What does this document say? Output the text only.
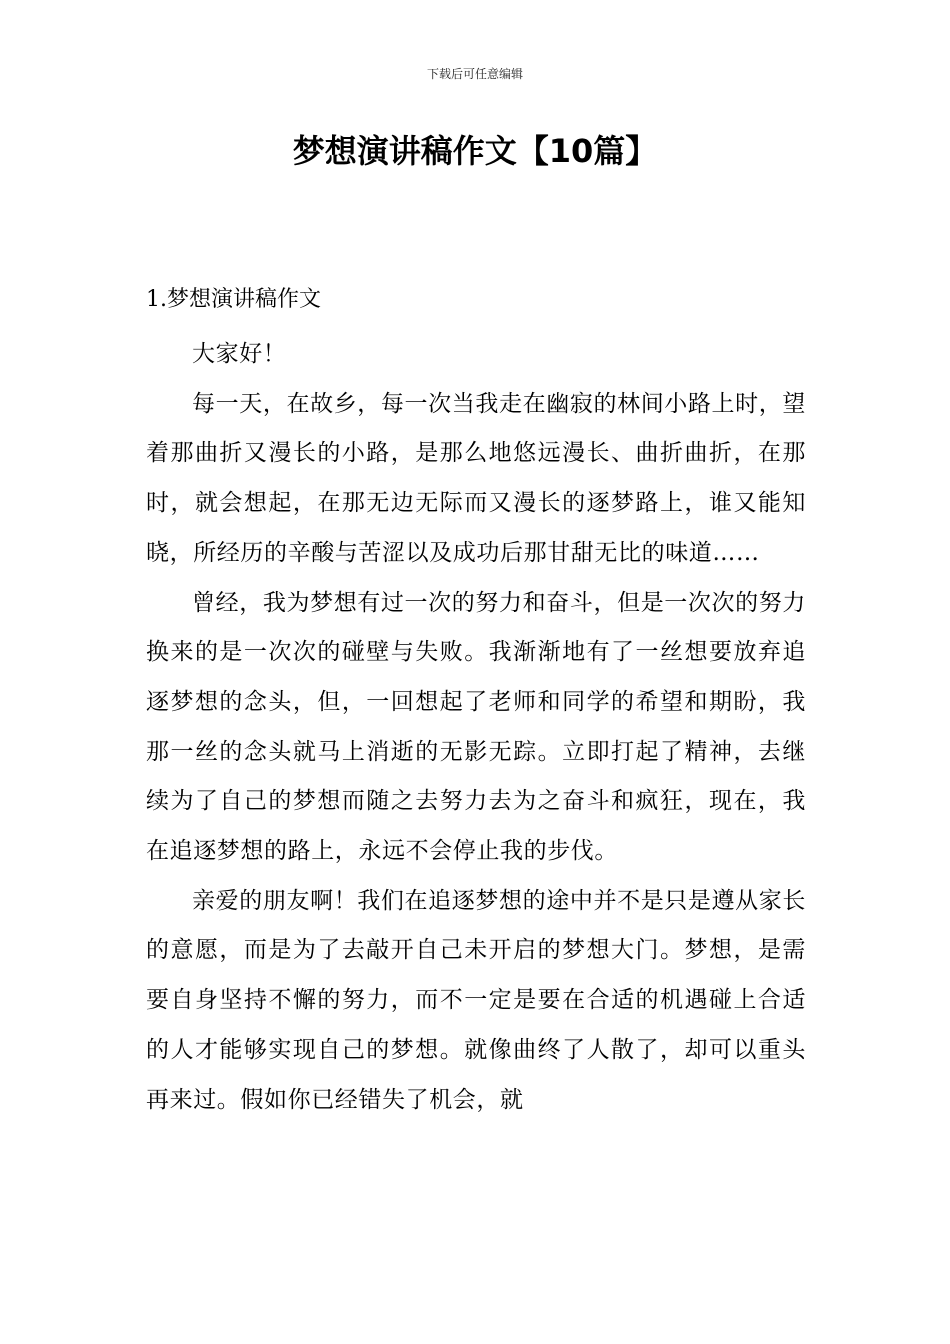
下载后可任意编辑
梦想演讲稿作文【10篇】
1.梦想演讲稿作文

大家好！

每一天，在故乡，每一次当我走在幽寂的林间小路上时，望着那曲折又漫长的小路，是那么地悠远漫长、曲折曲折，在那时，就会想起，在那无边无际而又漫长的逐梦路上，谁又能知晓，所经历的辛酸与苦涩以及成功后那甘甜无比的味道……

曾经，我为梦想有过一次的努力和奋斗，但是一次次的努力换来的是一次次的碰壁与失败。我渐渐地有了一丝想要放弃追逐梦想的念头，但，一回想起了老师和同学的希望和期盼，我那一丝的念头就马上消逝的无影无踪。立即打起了精神，去继续为了自己的梦想而随之去努力去为之奋斗和疯狂，现在，我在追逐梦想的路上，永远不会停止我的步伐。

亲爱的朋友啊！我们在追逐梦想的途中并不是只是遵从家长的意愿，而是为了去敲开自己未开启的梦想大门。梦想，是需要自身坚持不懈的努力，而不一定是要在合适的机遇碰上合适的人才能够实现自己的梦想。就像曲终了人散了，却可以重头再来过。假如你已经错失了机会，就
